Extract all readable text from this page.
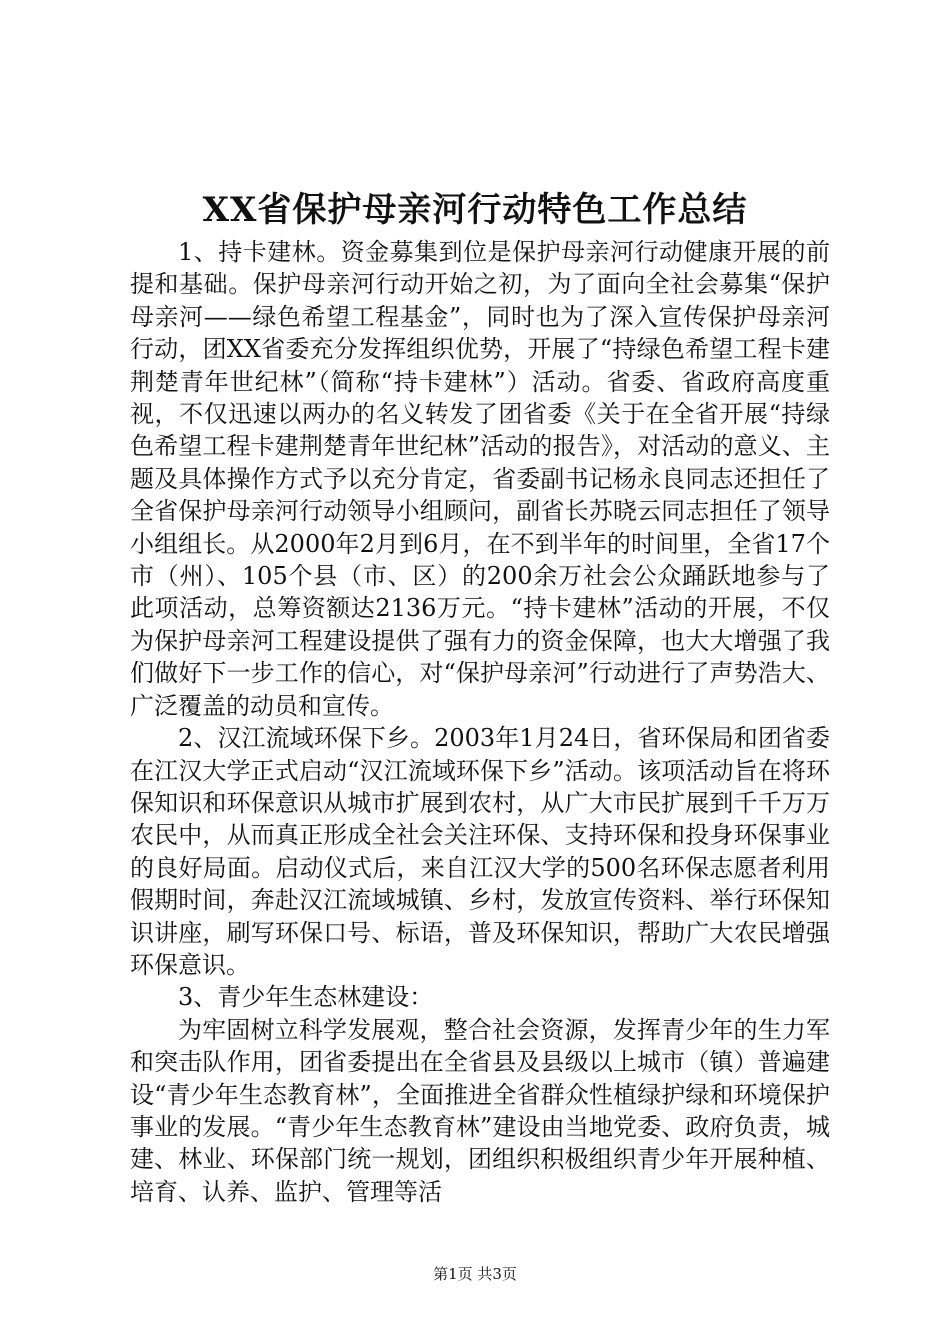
XX省保护母亲河行动特色工作总结

1、持卡建林。资金募集到位是保护母亲河行动健康开展的前提和基础。保护母亲河行动开始之初，为了面向全社会募集“保护母亲河——绿色希望工程基金”，同时也为了深入宣传保护母亲河行动，团XX省委充分发挥组织优势，开展了“持绿色希望工程卡建荆楚青年世纪林”（简称“持卡建林”）活动。省委、省政府高度重视，不仅迅速以两办的名义转发了团省委《关于在全省开展“持绿色希望工程卡建荆楚青年世纪林”活动的报告》，对活动的意义、主题及具体操作方式予以充分肯定，省委副书记杨永良同志还担任了全省保护母亲河行动领导小组顾问，副省长苏晓云同志担任了领导小组组长。从2000年2月到6月，在不到半年的时间里，全省17个市（州）、105个县（市、区）的200余万社会公众踊跃地参与了此项活动，总筹资额达2136万元。“持卡建林”活动的开展，不仅为保护母亲河工程建设提供了强有力的资金保障，也大大增强了我们做好下一步工作的信心，对“保护母亲河”行动进行了声势浩大、广泛覆盖的动员和宣传。

2、汉江流域环保下乡。2003年1月24日，省环保局和团省委在江汉大学正式启动“汉江流域环保下乡”活动。该项活动旨在将环保知识和环保意识从城市扩展到农村，从广大市民扩展到千千万万农民中，从而真正形成全社会关注环保、支持环保和投身环保事业的良好局面。启动仪式后，来自江汉大学的500名环保志愿者利用假期时间，奔赴汉江流域城镇、乡村，发放宣传资料、举行环保知识讲座，刷写环保口号、标语，普及环保知识，帮助广大农民增强环保意识。

3、青少年生态林建设：

为牢固树立科学发展观，整合社会资源，发挥青少年的生力军和突击队作用，团省委提出在全省县及县级以上城市（镇）普遍建设“青少年生态教育林”，全面推进全省群众性植绿护绿和环境保护事业的发展。“青少年生态教育林”建设由当地党委、政府负责，城建、林业、环保部门统一规划，团组织积极组织青少年开展种植、培育、认养、监护、管理等活

第1页 共3页
